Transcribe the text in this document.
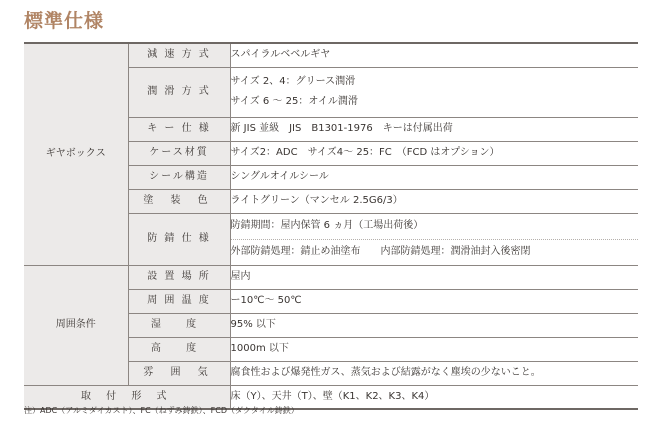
標準仕様
ギヤボックス	減 速 方 式	スパイラルベベルギヤ

	潤 滑 方 式	サイズ 2、4：グリース潤滑
サイズ 6 〜 25：オイル潤滑

	キ ー 仕 様	新 JIS 並級　JIS　B1301-1976　キーは付属出荷

	ケース材質	サイズ2：ADC　サイズ4〜 25：FC　（FCD はオプション）

	シール構造	シングルオイルシール

	塗 装 色	ライトグリーン（マンセル 2.5G6/3）

	防 錆 仕 様	防錆期間：屋内保管 6 ヵ月（工場出荷後）

		外部防錆処理：錆止め油塗布　　内部防錆処理：潤滑油封入後密閉

周囲条件	設 置 場 所	屋内

	周 囲 温 度	ー10℃〜 50℃

	湿 度	95% 以下

	高 度	1000m 以下

	雰 囲 気	腐食性および爆発性ガス、蒸気および結露がなく塵埃の少ないこと。

取 付 形 式		床（Y）、天井（T）、壁（K1、K2、K3、K4）
注）ADC（アルミダイカスト）、FC（ねずみ鋳鉄）、FCD（ダクタイル鋳鉄）
